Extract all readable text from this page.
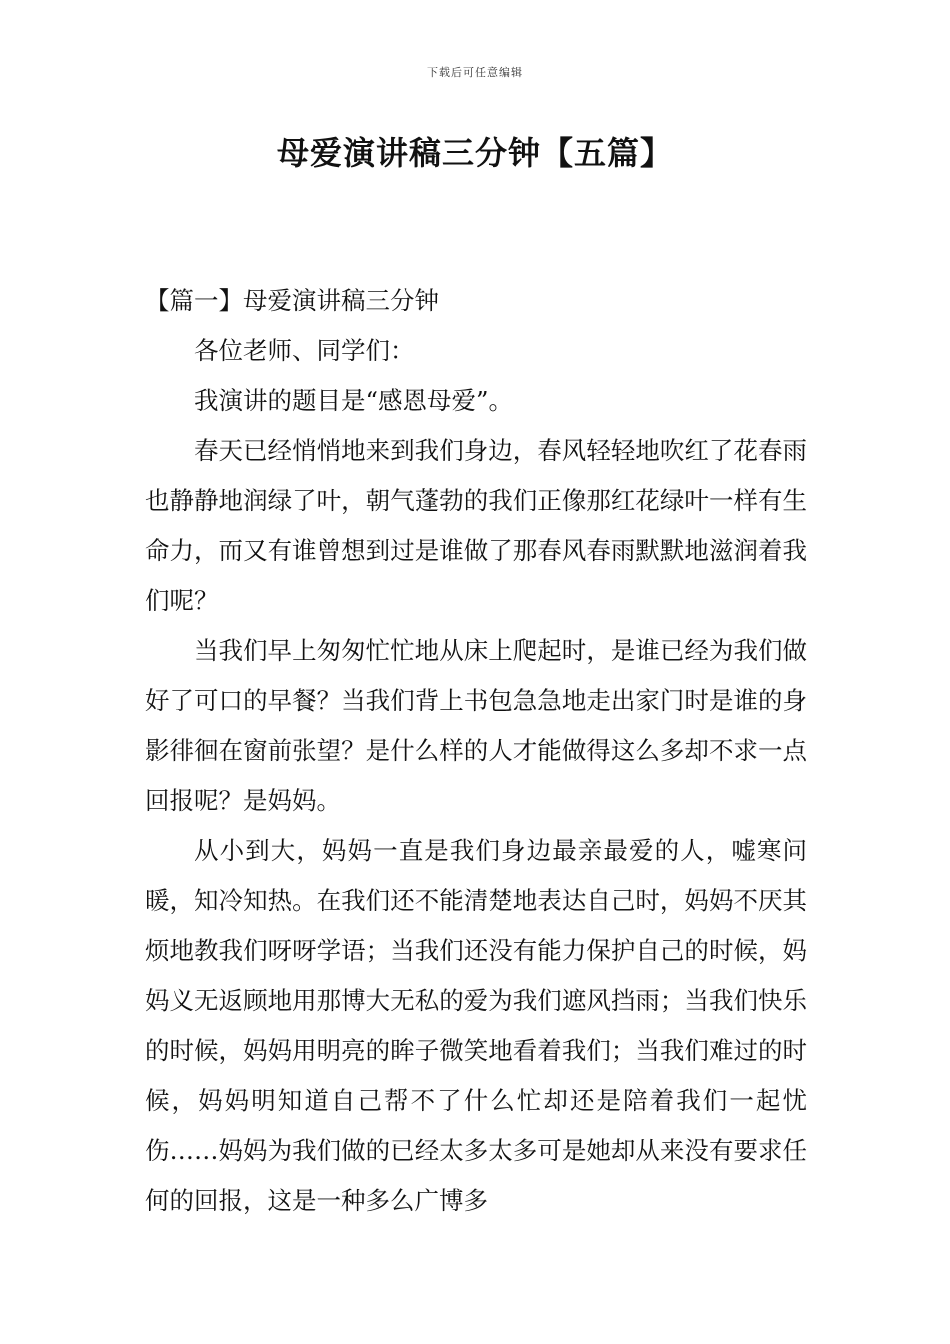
下载后可任意编辑
母爱演讲稿三分钟【五篇】

【篇一】母爱演讲稿三分钟

各位老师、同学们：

我演讲的题目是“感恩母爱”。

春天已经悄悄地来到我们身边，春风轻轻地吹红了花春雨也静静地润绿了叶，朝气蓬勃的我们正像那红花绿叶一样有生命力，而又有谁曾想到过是谁做了那春风春雨默默地滋润着我们呢？

当我们早上匆匆忙忙地从床上爬起时，是谁已经为我们做好了可口的早餐？当我们背上书包急急地走出家门时是谁的身影徘徊在窗前张望？是什么样的人才能做得这么多却不求一点回报呢？是妈妈。

从小到大，妈妈一直是我们身边最亲最爱的人，嘘寒问暖，知冷知热。在我们还不能清楚地表达自己时，妈妈不厌其烦地教我们呀呀学语；当我们还没有能力保护自己的时候，妈妈义无返顾地用那博大无私的爱为我们遮风挡雨；当我们快乐的时候，妈妈用明亮的眸子微笑地看着我们；当我们难过的时候，妈妈明知道自己帮不了什么忙却还是陪着我们一起忧伤……妈妈为我们做的已经太多太多可是她却从来没有要求任何的回报，这是一种多么广博多
